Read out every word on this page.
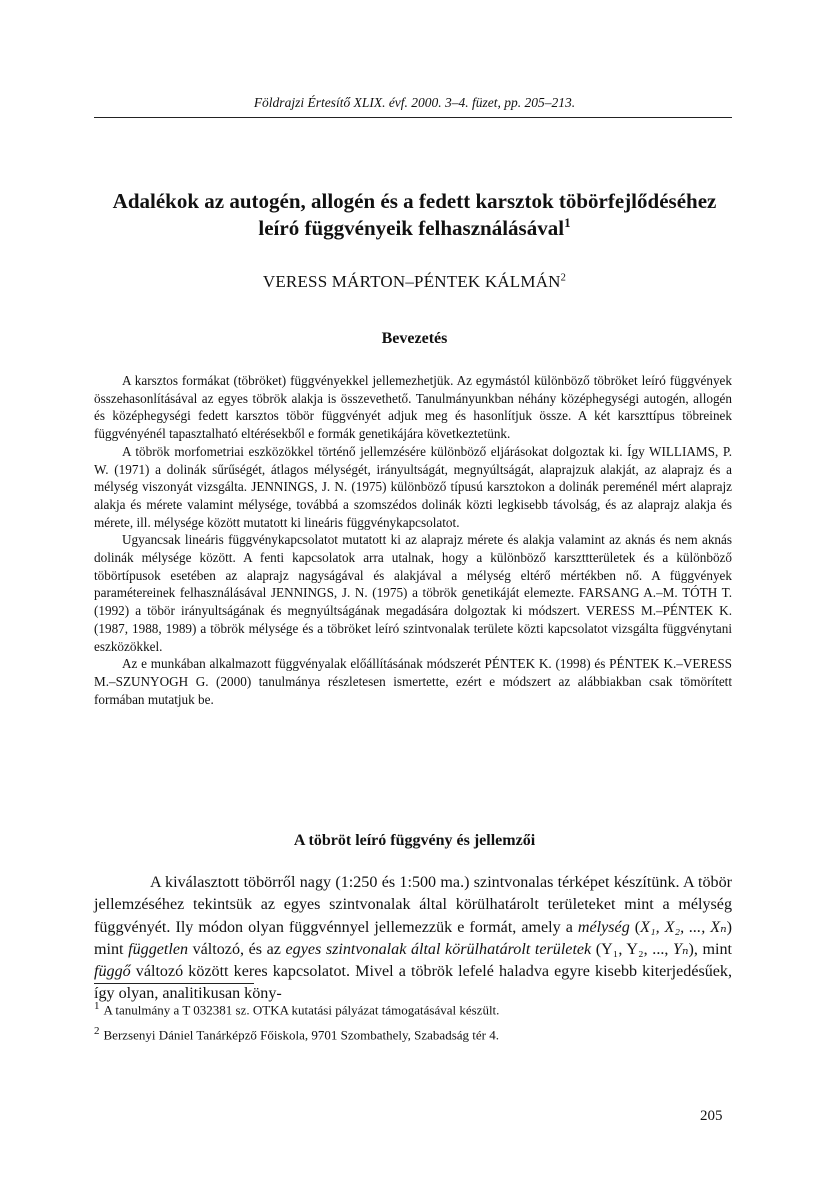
Földrajzi Értesítő XLIX. évf. 2000. 3–4. füzet, pp. 205–213.
Adalékok az autogén, allogén és a fedett karsztok töbörfejlődéséhez
leíró függvényeik felhasználásával$^1$
VERESS MÁRTON–PÉNTEK KÁLMÁN$^2$
Bevezetés

A karsztos formákat (töbröket) függvényekkel jellemezhetjük. Az egymástól különböző töbröket leíró függvények összehasonlításával az egyes töbrök alakja is összevethető. Tanulmányunkban néhány középhegységi autogén, allogén és középhegységi fedett karsztos töbör függvényét adjuk meg és hasonlítjuk össze. A két karszttípus töbreinek függvényénél tapasztalható eltérésekből e formák genetikájára következtetünk.

A töbrök morfometriai eszközökkel történő jellemzésére különböző eljárásokat dolgoztak ki. Így WILLIAMS, P. W. (1971) a dolinák sűrűségét, átlagos mélységét, irányultságát, megnyúltságát, alaprajzuk alakját, az alaprajz és a mélység viszonyát vizsgálta. JENNINGS, J. N. (1975) különböző típusú karsztokon a dolinák pereménél mért alaprajz alakja és mérete valamint mélysége, továbbá a szomszédos dolinák közti legkisebb távolság, és az alaprajz alakja és mérete, ill. mélysége között mutatott ki lineáris függvénykapcsolatot.

Ugyancsak lineáris függvénykapcsolatot mutatott ki az alaprajz mérete és alakja valamint az aknás és nem aknás dolinák mélysége között. A fenti kapcsolatok arra utalnak, hogy a különböző karszttterületek és a különböző töbörtípusok esetében az alaprajz nagyságával és alakjával a mélység eltérő mértékben nő. A függvények paramétereinek felhasználásával JENNINGS, J. N. (1975) a töbrök genetikáját elemezte. FARSANG A.–M. TÓTH T. (1992) a töbör irányultságának és megnyúltságának megadására dolgoztak ki módszert. VERESS M.–PÉNTEK K. (1987, 1988, 1989) a töbrök mélysége és a töbröket leíró szintvonalak területe közti kapcsolatot vizsgálta függvénytani eszközökkel.

Az e munkában alkalmazott függvényalak előállításának módszerét PÉNTEK K. (1998) és PÉNTEK K.–VERESS M.–SZUNYOGH G. (2000) tanulmánya részletesen ismertette, ezért e módszert az alábbiakban csak tömörített formában mutatjuk be.

A töbröt leíró függvény és jellemzői

A kiválasztott töbörről nagy (1:250 és 1:500 ma.) szintvonalas térképet készítünk. A töbör jellemzéséhez tekintsük az egyes szintvonalak által körülhatárolt területeket mint a mélység függvényét. Ily módon olyan függvénnyel jellemezzük e formát, amely a mélység (X₁, X₂, ..., Xₙ) mint független változó, és az egyes szintvonalak által körülhatárolt területek (Y₁, Y₂, ..., Yₙ), mint függő változó között keres kapcsolatot. Mivel a töbrök lefelé haladva egyre kisebb kiterjedésűek, így olyan, analitikusan köny-

$^1$ A tanulmány a T 032381 sz. OTKA kutatási pályázat támogatásával készült.

$^2$ Berzsenyi Dániel Tanárképző Főiskola, 9701 Szombathely, Szabadság tér 4.

205
